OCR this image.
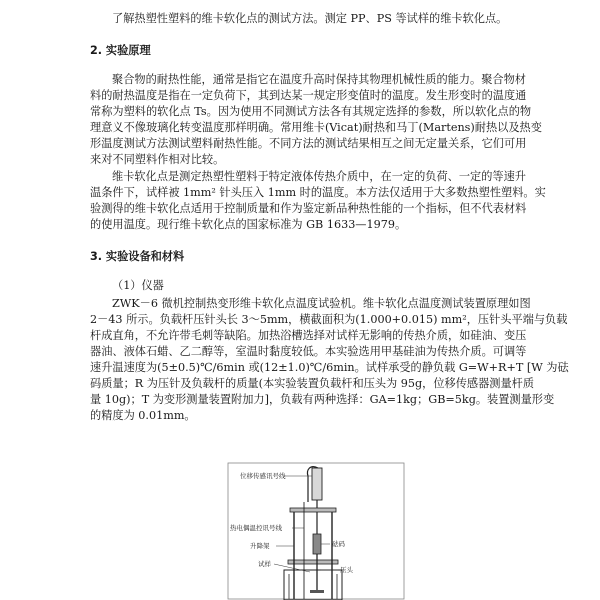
了解热塑性塑料的维卡软化点的测试方法。测定 PP、PS 等试样的维卡软化点。
2. 实验原理
聚合物的耐热性能，通常是指它在温度升高时保持其物理机械性质的能力。聚合物材
料的耐热温度是指在一定负荷下，其到达某一规定形变值时的温度。发生形变时的温度通
常称为塑料的软化点 Ts。因为使用不同测试方法各有其规定选择的参数，所以软化点的物
理意义不像玻璃化转变温度那样明确。常用维卡(Vicat)耐热和马丁(Martens)耐热以及热变
形温度测试方法测试塑料耐热性能。不同方法的测试结果相互之间无定量关系，它们可用
来对不同塑料作相对比较。
维卡软化点是测定热塑性塑料于特定液体传热介质中，在一定的负荷、一定的等速升
温条件下，试样被 1mm² 针头压入 1mm 时的温度。本方法仅适用于大多数热塑性塑料。实
验测得的维卡软化点适用于控制质量和作为鉴定新品种热性能的一个指标，但不代表材料
的使用温度。现行维卡软化点的国家标准为 GB 1633—1979。
3. 实验设备和材料
（1）仪器
ZWK－6 微机控制热变形维卡软化点温度试验机。维卡软化点温度测试装置原理如图
2－43 所示。负载杆压针头长 3～5mm，横截面积为(1.000+0.015) mm²，压针头平端与负载
杆成直角，不允许带毛刺等缺陷。加热浴槽选择对试样无影响的传热介质，如硅油、变压
器油、液体石蜡、乙二醇等，室温时黏度较低。本实验选用甲基硅油为传热介质。可调等
速升温速度为(5±0.5)℃/6min 或(12±1.0)℃/6min。试样承受的静负载 G=W+R+T [W 为砝
码质量；R 为压针及负载杆的质量(本实验装置负载杆和压头为 95g，位移传感器测量杆质
量 10g)；T 为变形测量装置附加力]，负载有两种选择：GA=1kg；GB=5kg。装置测量形变
的精度为 0.01mm。
位移传感讯号线
热电偶温控讯号线
升降架
试样
砝码
压头
